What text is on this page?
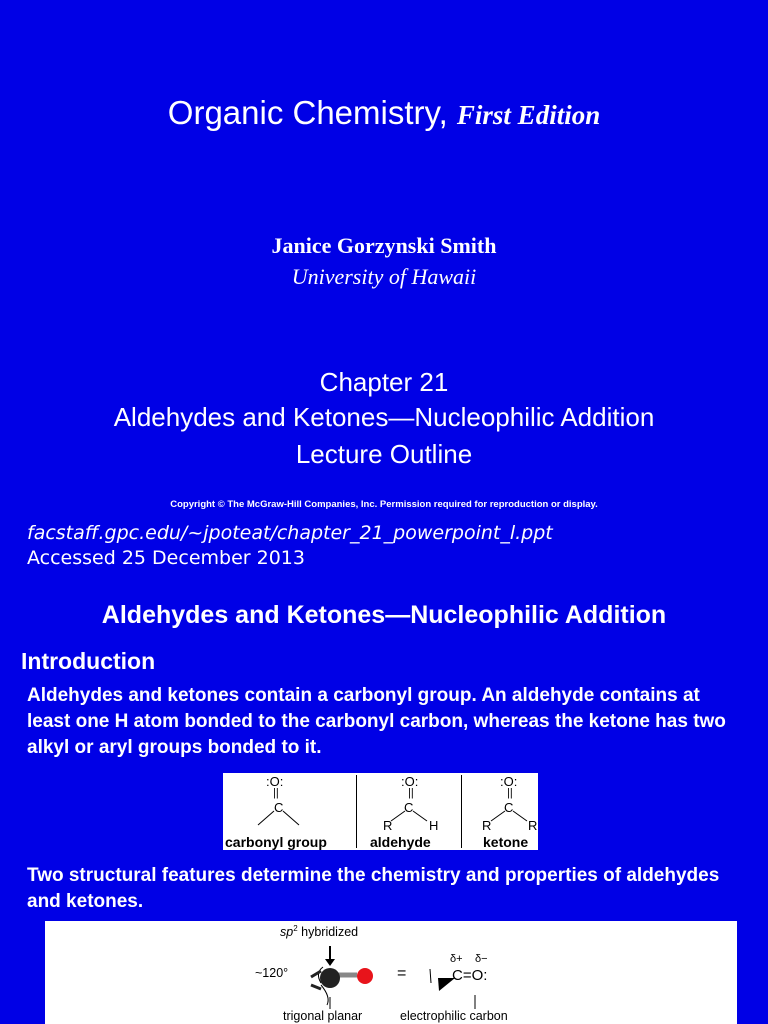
Organic Chemistry, First Edition
Janice Gorzynski Smith
University of Hawaii
Chapter 21
Aldehydes and Ketones—Nucleophilic Addition
Lecture Outline
Copyright © The McGraw-Hill Companies, Inc. Permission required for reproduction or display.
facstaff.gpc.edu/~jpoteat/chapter_21_powerpoint_l.ppt
Accessed 25 December 2013
Aldehydes and Ketones—Nucleophilic Addition
Introduction
Aldehydes and ketones contain a carbonyl group. An aldehyde contains at least one H atom bonded to the carbonyl carbon, whereas the ketone has two alkyl or aryl groups bonded to it.
:O:
||
C
:O:
||
C
R	H
:O:
||
C
R	R
carbonyl group	aldehyde	ketone
Two structural features determine the chemistry and properties of aldehydes and ketones.
$sp^2$ hybridized
~120°	=
δ+ δ−
C=O:
trigonal planar	electrophilic carbon
